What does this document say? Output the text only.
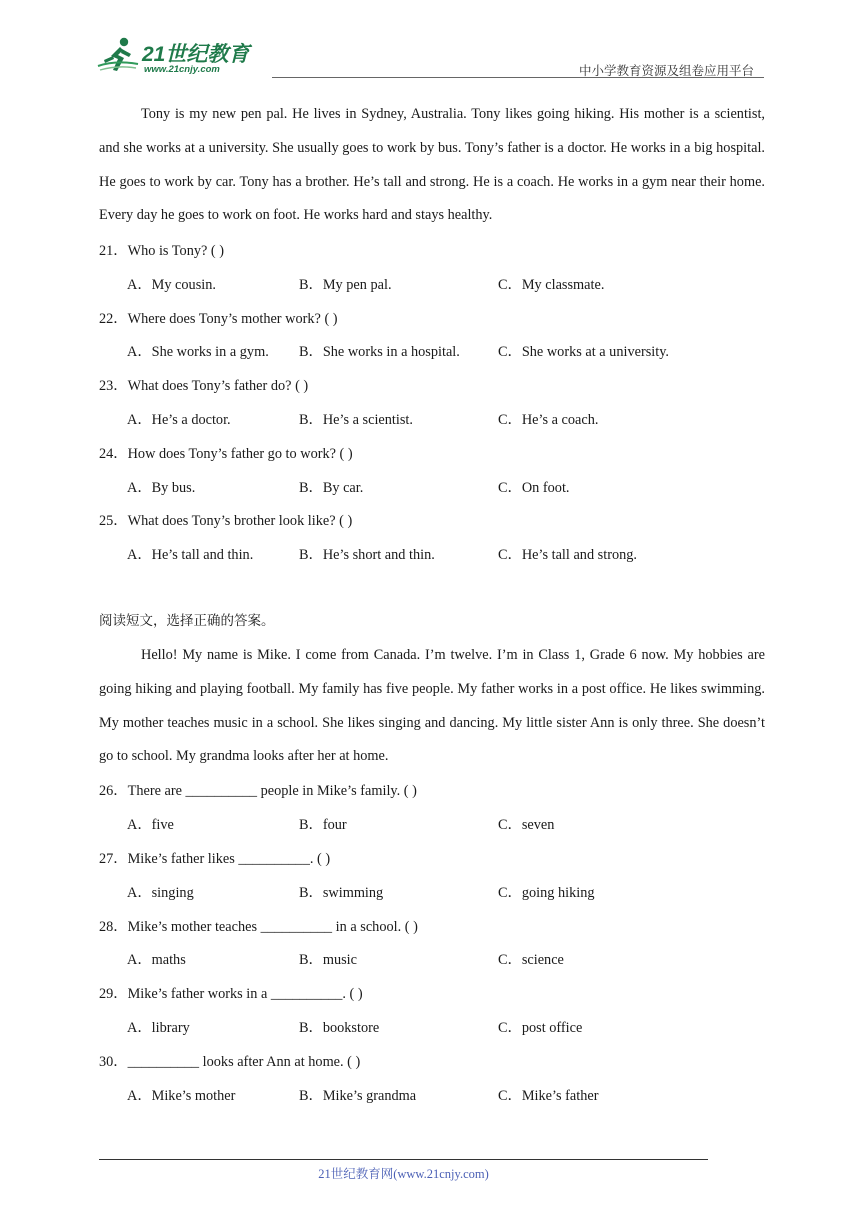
21世纪教育
www.21cnjy.com	中小学教育资源及组卷应用平台

Tony is my new pen pal. He lives in Sydney, Australia. Tony likes going hiking. His mother is a scientist, and she works at a university. She usually goes to work by bus. Tony’s father is a doctor. He works in a big hospital. He goes to work by car. Tony has a brother. He’s tall and strong. He is a coach. He works in a gym near their home. Every day he goes to work on foot. He works hard and stays healthy.

21．Who is Tony? ( )
A．My cousin.	B．My pen pal.	C．My classmate.
22．Where does Tony’s mother work? ( )
A．She works in a gym. B．She works in a hospital.	C．She works at a university.
23．What does Tony’s father do? ( )
A．He’s a doctor.	B．He’s a scientist.	C．He’s a coach.
24．How does Tony’s father go to work? ( )
A．By bus.	B．By car.	C．On foot.
25．What does Tony’s brother look like? ( )
A．He’s tall and thin.	B．He’s short and thin.	C．He’s tall and strong.
阅读短文，选择正确的答案。

Hello! My name is Mike. I come from Canada. I’m twelve. I’m in Class 1, Grade 6 now. My hobbies are going hiking and playing football. My family has five people. My father works in a post office. He likes swimming. My mother teaches music in a school. She likes singing and dancing. My little sister Ann is only three. She doesn’t go to school. My grandma looks after her at home.

26．There are __________ people in Mike’s family. ( )
A．five	B．four	C．seven
27．Mike’s father likes __________. ( )
A．singing	B．swimming	C．going hiking
28．Mike’s mother teaches __________ in a school. ( )
A．maths	B．music	C．science
29．Mike’s father works in a __________. ( )
A．library	B．bookstore	C．post office
30．__________ looks after Ann at home. ( )
A．Mike’s mother	B．Mike’s grandma	C．Mike’s father
21世纪教育网(www.21cnjy.com)
